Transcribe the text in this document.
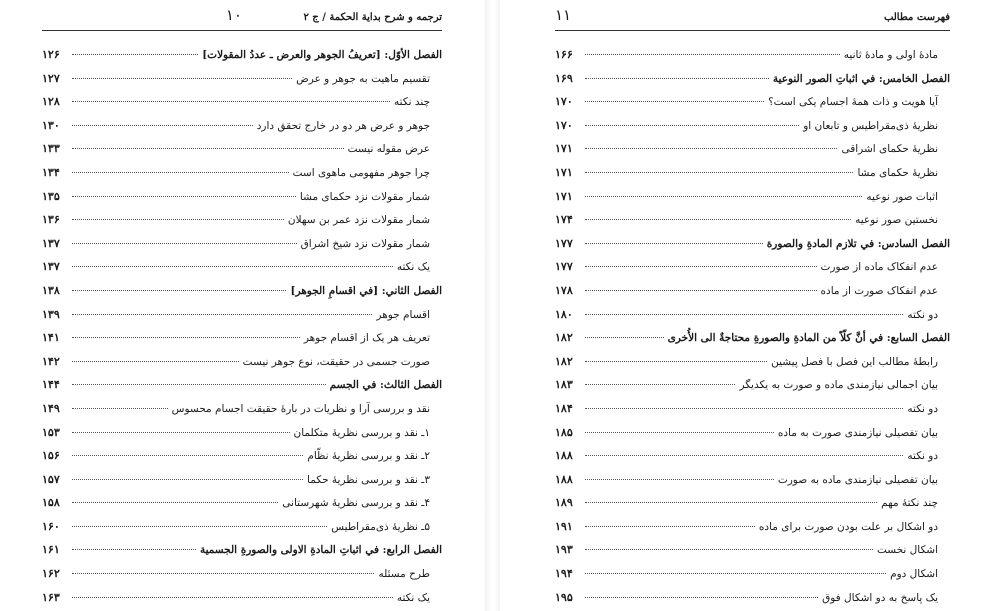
ترجمه و شرح بداية الحكمة / ج ۲
۱۰
الفصل الأوّل: [تعريفُ الجوهر والعرض ـ عددُ المقولات]
۱۲۶
تقسیم ماهیت به جوهر و عرض
۱۲۷
چند نکته
۱۲۸
جوهر و عرض هر دو در خارج تحقق دارد
۱۳۰
عرض مقوله نیست
۱۳۳
چرا جوهر مفهومی ماهوی است
۱۳۴
شمار مقولات نزد حکمای مشا
۱۳۵
شمار مقولات نزد عمر بن سهلان
۱۳۶
شمار مقولات نزد شیخ اشراق
۱۳۷
یک نکته
۱۳۷
الفصل الثاني: [في اقسامِ الجوهر]
۱۳۸
اقسام جوهر
۱۳۹
تعریف هر یک از اقسام جوهر
۱۴۱
صورت جسمی در حقیقت، نوع جوهر نیست
۱۴۲
الفصل الثالث: في الجسم
۱۴۴
نقد و بررسی آرا و نظریات در بارهٔ حقیقت اجسام محسوس
۱۴۹
۱ـ نقد و بررسی نظریهٔ متکلمان
۱۵۳
۲ـ نقد و بررسی نظریهٔ نظّام
۱۵۶
۳ـ نقد و بررسی نظریهٔ حکما
۱۵۷
۴ـ نقد و بررسی نظریهٔ شهرستانی
۱۵۸
۵ـ نظریهٔ ذی‌مقراطیس
۱۶۰
الفصل الرابع: في اثباتِ المادةِ الاولی والصورةِ الجسمیة
۱۶۱
طرح مسئله
۱۶۲
یک نکته
۱۶۳
فهرست مطالب
۱۱
مادهٔ اولی و مادهٔ ثانیه
۱۶۶
الفصل الخامس: في اثباتِ الصور النوعية
۱۶۹
آیا هویت و ذات همهٔ اجسام یکی است؟
۱۷۰
نظریهٔ ذی‌مقراطیس و تابعان او
۱۷۰
نظریهٔ حکمای اشراقی
۱۷۱
نظریهٔ حکمای مشا
۱۷۱
اثبات صور نوعیه
۱۷۱
نخستین صور نوعیه
۱۷۴
الفصل السادس: في تلازم المادةِ والصورة
۱۷۷
عدم انفکاک ماده از صورت
۱۷۷
عدم انفکاک صورت از ماده
۱۷۸
دو نکته
۱۸۰
الفصل السابع: في أنَّ كلّاً من المادةِ والصورةِ محتاجةٌ الى الأُخرى
۱۸۲
رابطهٔ مطالب این فصل با فصل پیشین
۱۸۲
بیان اجمالی نیازمندی ماده و صورت به یکدیگر
۱۸۳
دو نکته
۱۸۴
بیان تفصیلی نیازمندی صورت به ماده
۱۸۵
دو نکته
۱۸۸
بیان تفصیلی نیازمندی ماده به صورت
۱۸۸
چند نکتهٔ مهم
۱۸۹
دو اشکال بر علت بودن صورت برای ماده
۱۹۱
اشکال نخست
۱۹۳
اشکال دوم
۱۹۴
یک پاسخ به دو اشکال فوق
۱۹۵
